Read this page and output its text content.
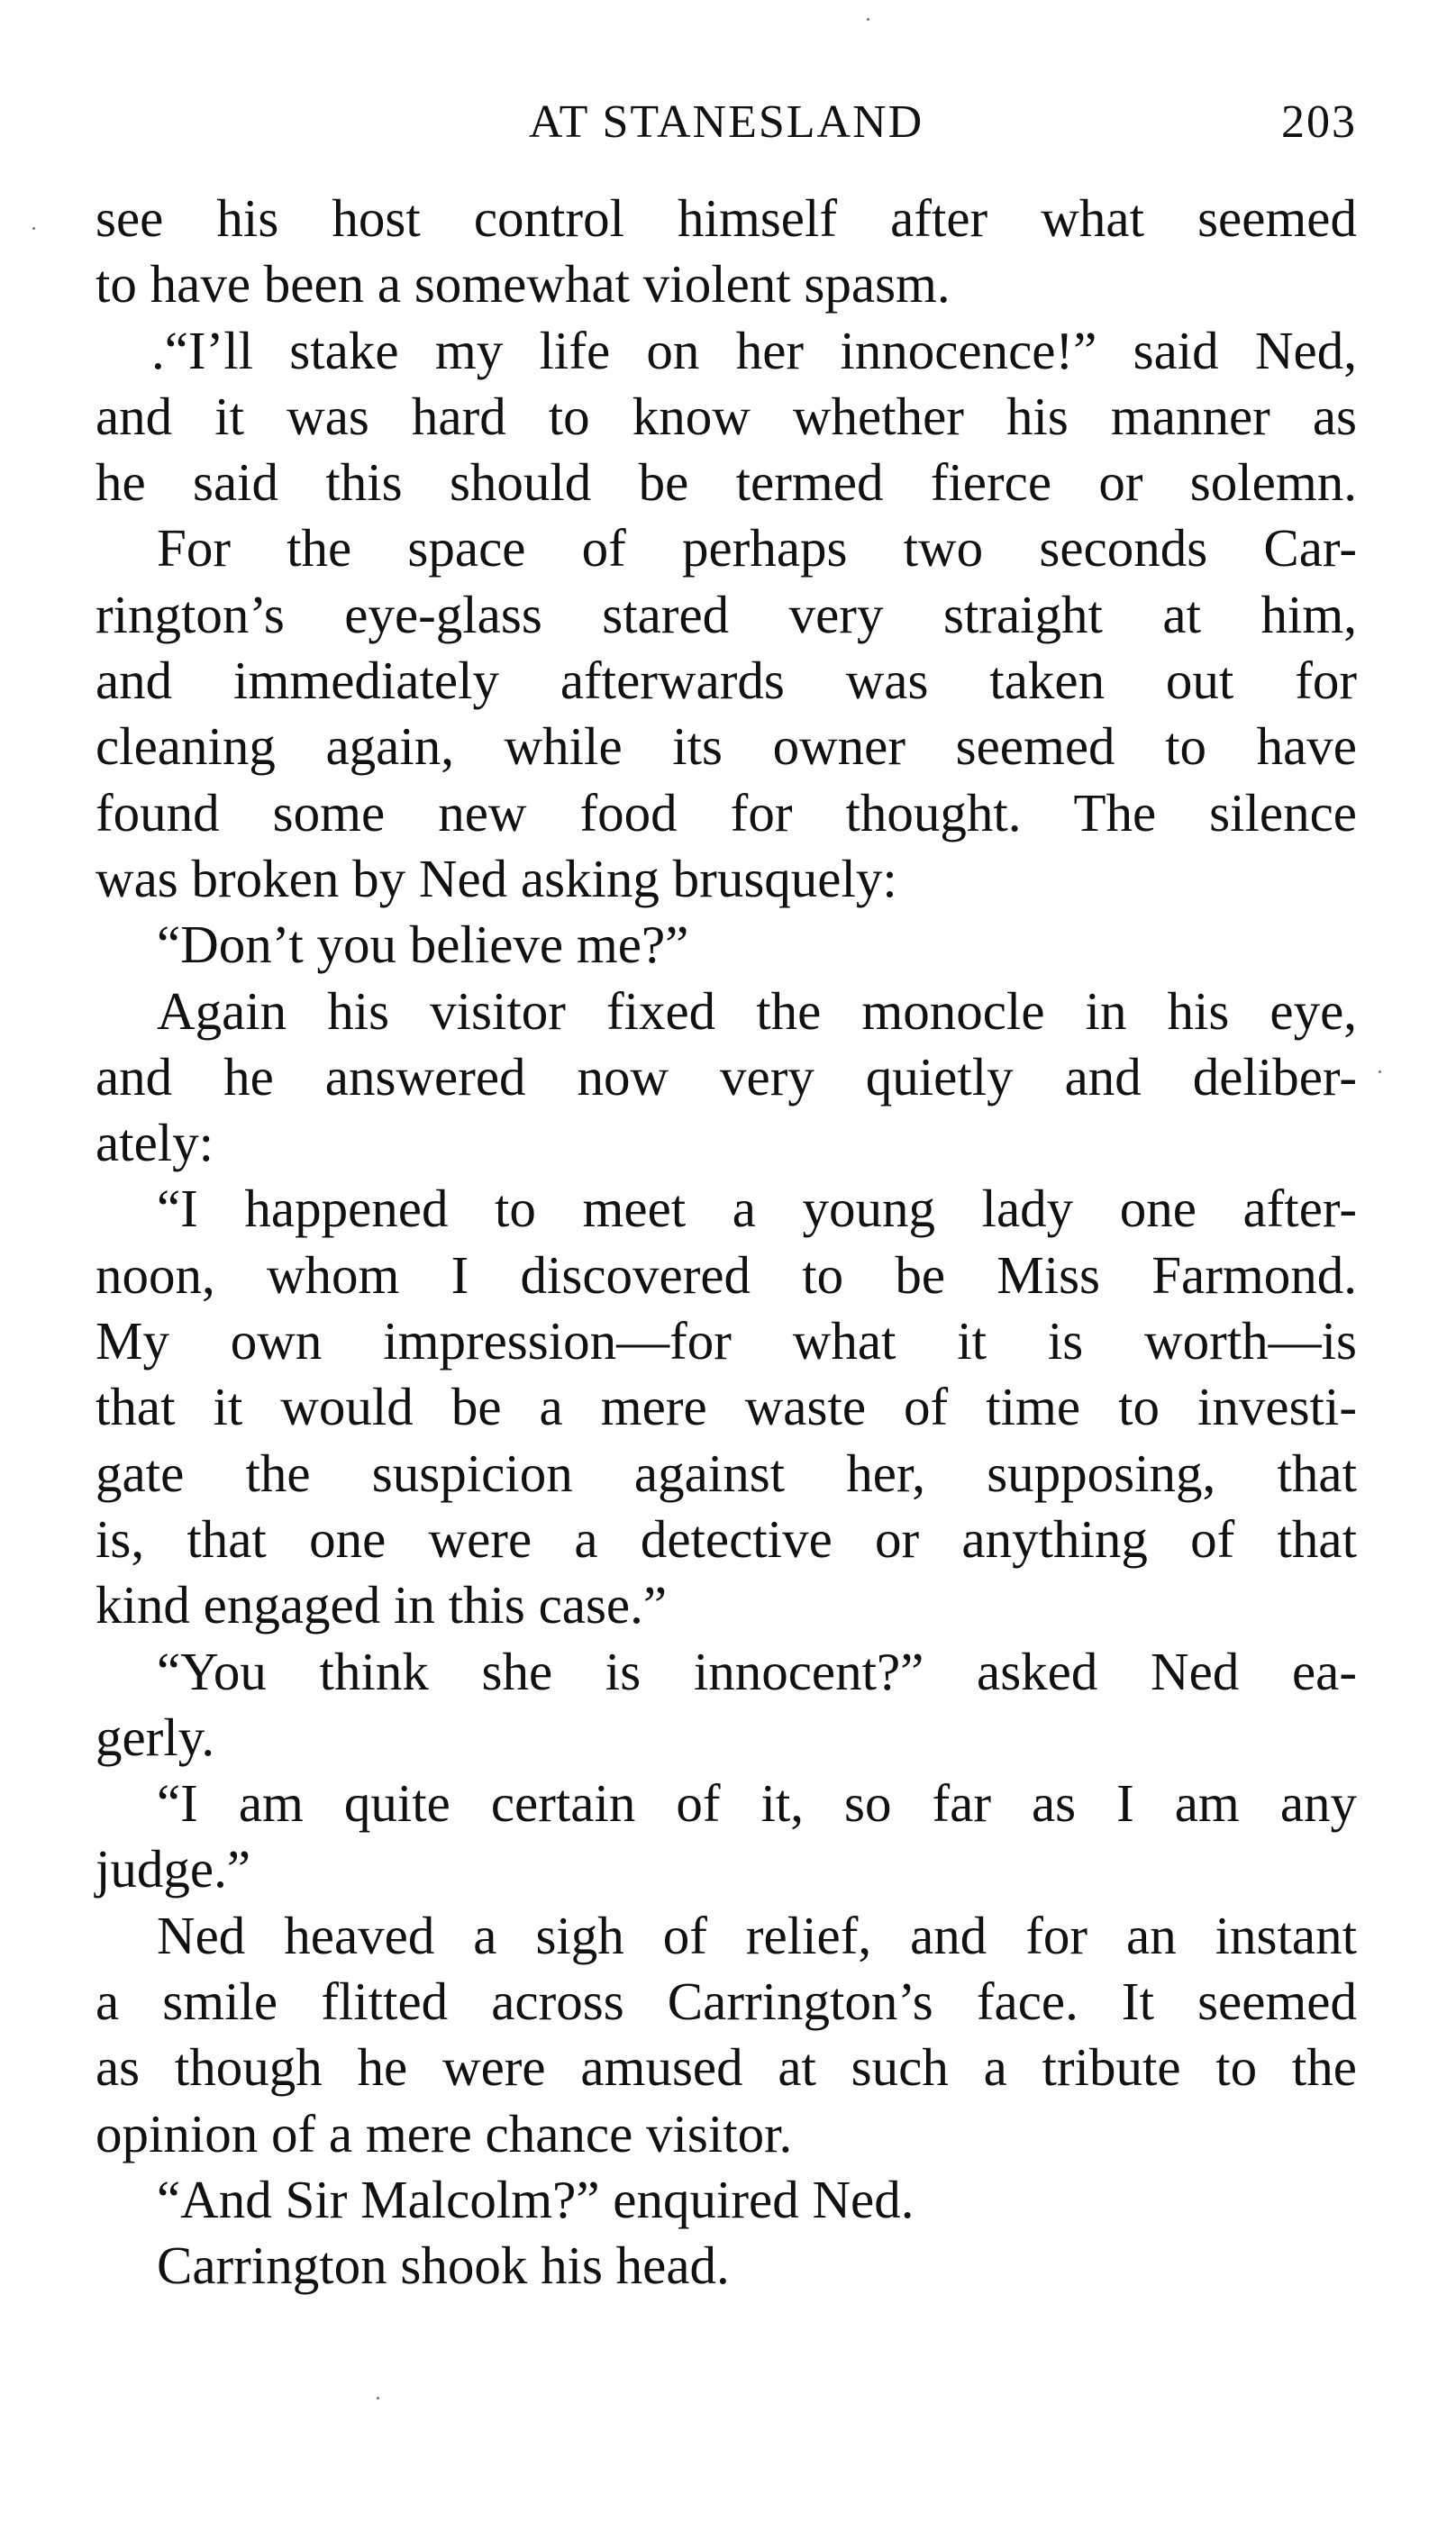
AT STANESLAND	203
see his host control himself after what seemed
to have been a somewhat violent spasm.
.“I’ll stake my life on her innocence!” said Ned,
and it was hard to know whether his manner as
he said this should be termed fierce or solemn.
For the space of perhaps two seconds Car-
rington’s eye-glass stared very straight at him,
and immediately afterwards was taken out for
cleaning again, while its owner seemed to have
found some new food for thought. The silence
was broken by Ned asking brusquely:
“Don’t you believe me?”
Again his visitor fixed the monocle in his eye,
and he answered now very quietly and deliber-
ately:
“I happened to meet a young lady one after-
noon, whom I discovered to be Miss Farmond.
My own impression—for what it is worth—is
that it would be a mere waste of time to investi-
gate the suspicion against her, supposing, that
is, that one were a detective or anything of that
kind engaged in this case.”
“You think she is innocent?” asked Ned ea-
gerly.
“I am quite certain of it, so far as I am any
judge.”
Ned heaved a sigh of relief, and for an instant
a smile flitted across Carrington’s face. It seemed
as though he were amused at such a tribute to the
opinion of a mere chance visitor.
“And Sir Malcolm?” enquired Ned.
Carrington shook his head.
